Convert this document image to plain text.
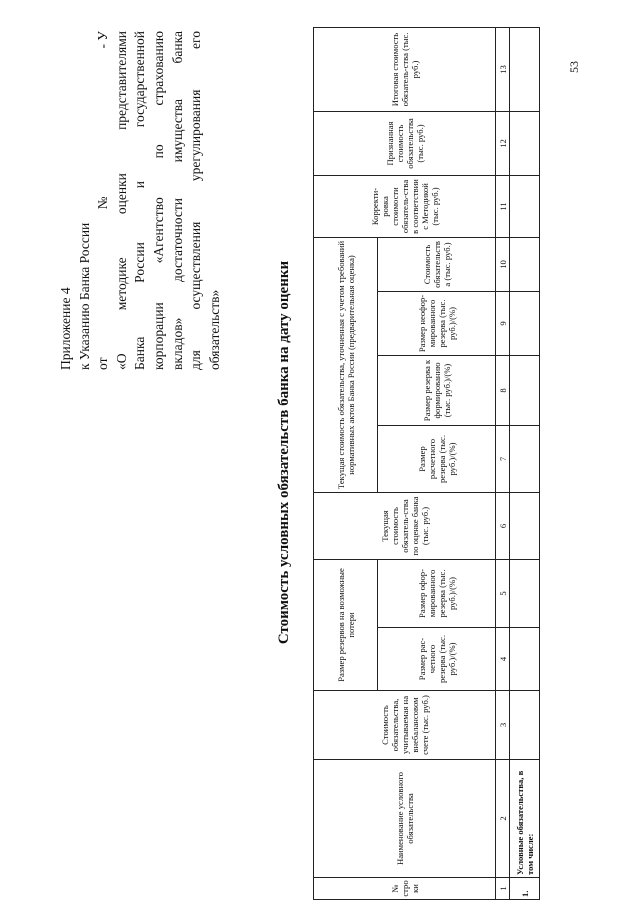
Приложение 4 к Указанию Банка России от
№
- У «О методике оценки представителями Банка России и государственной корпорации «Агентство по страхованию вкладов» достаточности имущества банка для осуществления урегулирования его обязательств»	Стоимость условных обязательств банка на дату оценки
№ строки	Наименование условного обязательства	Стоимость обязательства, учитываемая на внебалансовом счете (тыс. руб.)	Размер резервов на возможные потери		Текущая стоимость обязатель-ства по оценке банка (тыс. руб.)	Текущая стоимость обязательства, уточненная с учетом требований нормативных актов Банка России (предварительная оценка)				Корректи-ровка стоимости обязатель-ства в соответствии с Методикой (тыс. руб.)	Признанная стоимость обязательства (тыс. руб.)	Итоговая стоимость обязатель-ства (тыс. руб.)
			Размер рас-четного резерва (тыс. руб.)/(%)	Размер офор-мированного резерва (тыс. руб.)/(%)		Размер расчетного резерва (тыс. руб.)/(%)	Размер резерва к формированию (тыс. руб.)/(%)	Размер неофор-мированного резерва (тыс. руб.)/(%)	Стоимость обязательства (тыс. руб.)			
1	2	3	4	5	6	7	8	9	10	11	12	13
1.	Условные обязательства, в том числе:											
53
